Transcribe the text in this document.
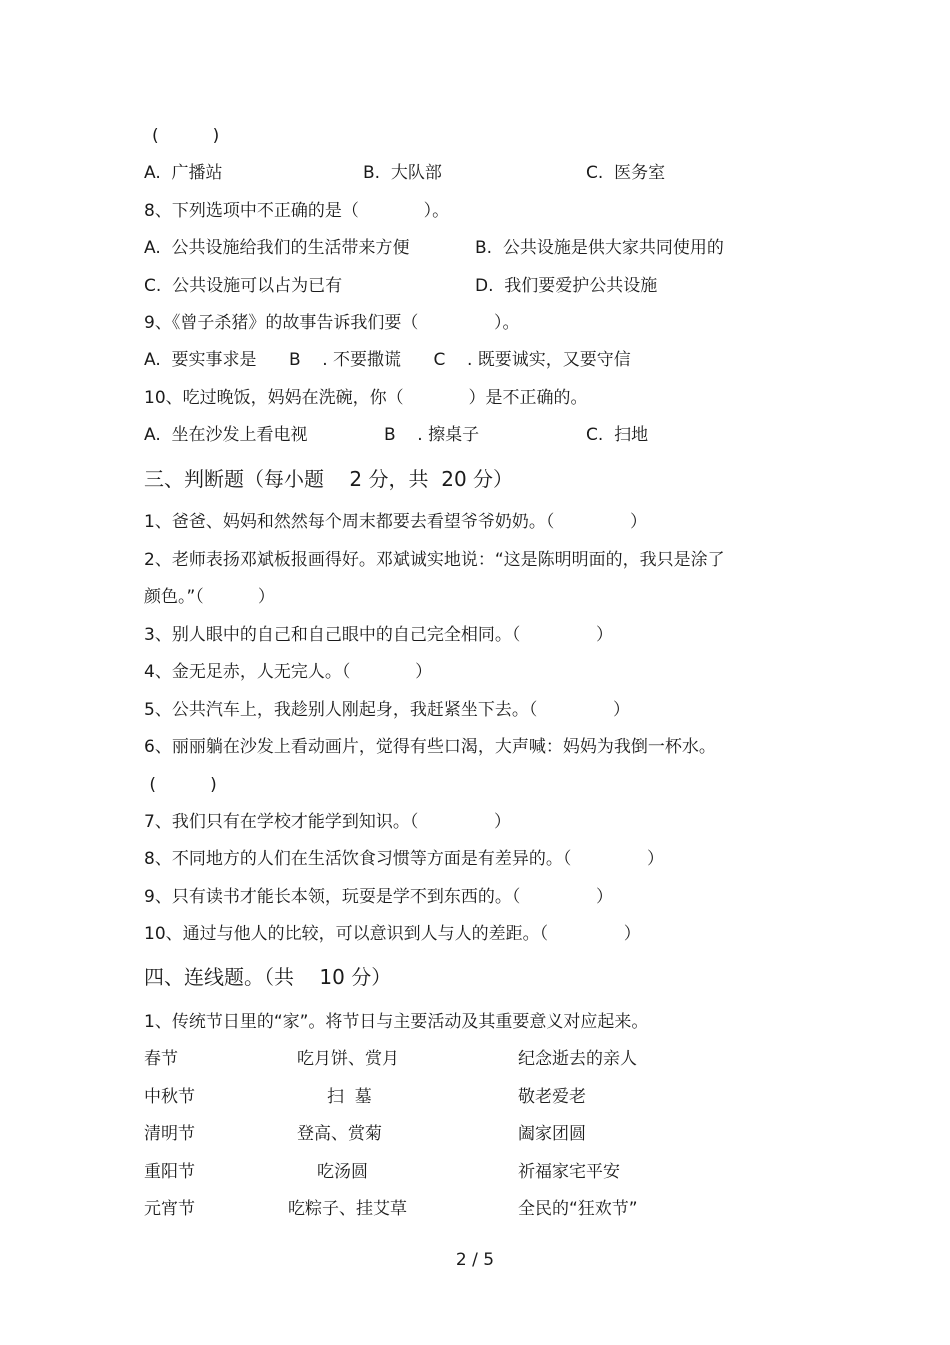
(          )
A.  广播站	B.  大队部	C.  医务室
8、下列选项中不正确的是（            ）。
A.  公共设施给我们的生活带来方便	B.  公共设施是供大家共同使用的
C.  公共设施可以占为已有	D.  我们要爱护公共设施
9、《曾子杀猪》的故事告诉我们要（              ）。
A.  要实事求是      B    . 不要撒谎      C    . 既要诚实，又要守信
10、吃过晚饭，妈妈在洗碗，你（            ）是不正确的。
A.  坐在沙发上看电视	B    . 擦桌子	C.  扫地
三、判断题（每小题    2 分，共  20 分）
1、爸爸、妈妈和然然每个周末都要去看望爷爷奶奶。（              ）
2、老师表扬邓斌板报画得好。邓斌诚实地说：“这是陈明明面的，我只是涂了
颜色。”（          ）
3、别人眼中的自己和自己眼中的自己完全相同。（              ）
4、金无足赤，人无完人。（            ）
5、公共汽车上，我趁别人刚起身，我赶紧坐下去。（              ）
6、丽丽躺在沙发上看动画片，觉得有些口渴，大声喊：妈妈为我倒一杯水。
(          )
7、我们只有在学校才能学到知识。（              ）
8、不同地方的人们在生活饮食习惯等方面是有差异的。（              ）
9、只有读书才能长本领，玩耍是学不到东西的。（              ）
10、通过与他人的比较，可以意识到人与人的差距。（              ）
四、连线题。（共    10 分）
1、传统节日里的“家”。将节日与主要活动及其重要意义对应起来。
春节	吃月饼、赏月	纪念逝去的亲人
中秋节	扫  墓	敬老爱老
清明节	登高、赏菊	阖家团圆
重阳节	吃汤圆	祈福家宅平安
元宵节	吃粽子、挂艾草	全民的“狂欢节”
2 / 5
